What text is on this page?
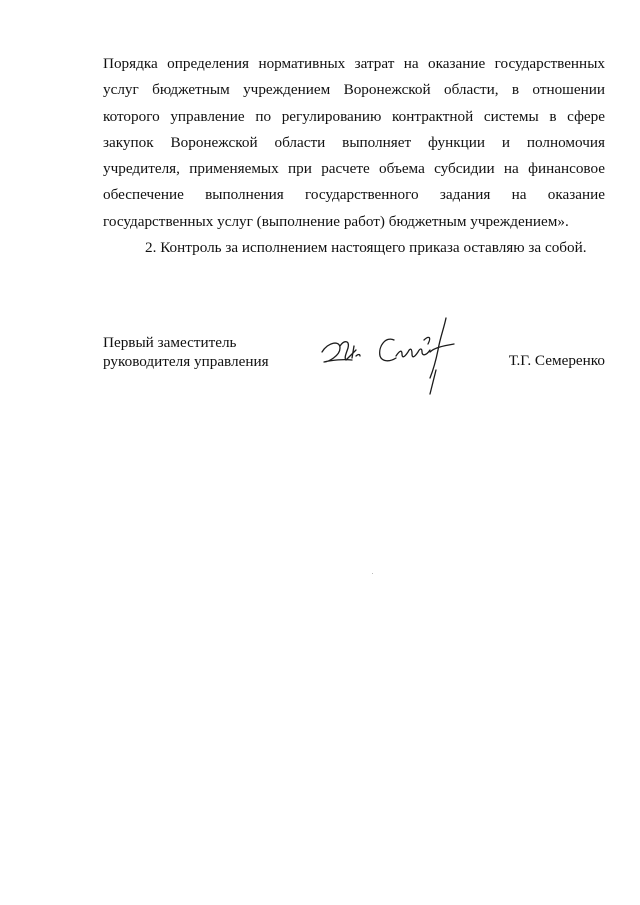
Порядка определения нормативных затрат на оказание государственных
услуг бюджетным учреждением Воронежской области, в отношении
которого управление по регулированию контрактной системы в сфере
закупок Воронежской области выполняет функции и полномочия
учредителя, применяемых при расчете объема субсидии на финансовое
обеспечение выполнения государственного задания на оказание
государственных услуг (выполнение работ) бюджетным учреждением».
2. Контроль за исполнением настоящего приказа оставляю за собой.
Первый заместитель
руководителя управления	Т.Г. Семеренко
